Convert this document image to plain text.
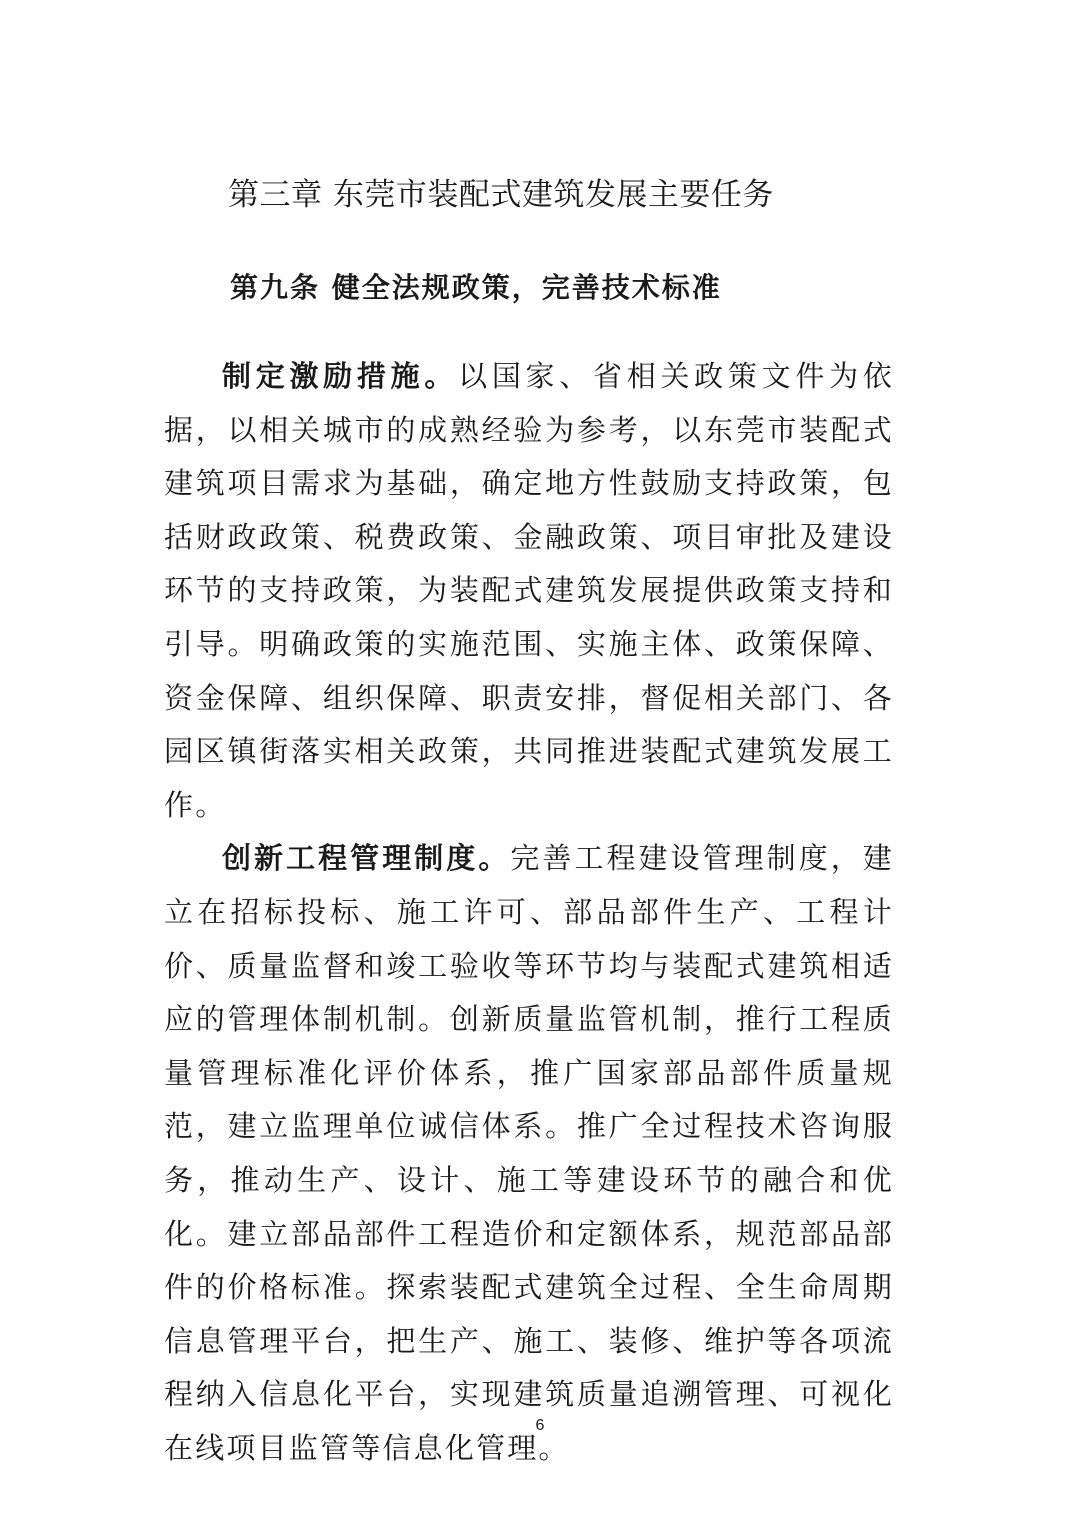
第三章 东莞市装配式建筑发展主要任务
第九条 健全法规政策，完善技术标准

制定激励措施。以国家、省相关政策文件为依据，以相关城市的成熟经验为参考，以东莞市装配式建筑项目需求为基础，确定地方性鼓励支持政策，包括财政政策、税费政策、金融政策、项目审批及建设环节的支持政策，为装配式建筑发展提供政策支持和引导。明确政策的实施范围、实施主体、政策保障、资金保障、组织保障、职责安排，督促相关部门、各园区镇街落实相关政策，共同推进装配式建筑发展工作。

创新工程管理制度。完善工程建设管理制度，建立在招标投标、施工许可、部品部件生产、工程计价、质量监督和竣工验收等环节均与装配式建筑相适应的管理体制机制。创新质量监管机制，推行工程质量管理标准化评价体系，推广国家部品部件质量规范，建立监理单位诚信体系。推广全过程技术咨询服务，推动生产、设计、施工等建设环节的融合和优化。建立部品部件工程造价和定额体系，规范部品部件的价格标准。探索装配式建筑全过程、全生命周期信息管理平台，把生产、施工、装修、维护等各项流程纳入信息化平台，实现建筑质量追溯管理、可视化在线项目监管等信息化管理。

6
